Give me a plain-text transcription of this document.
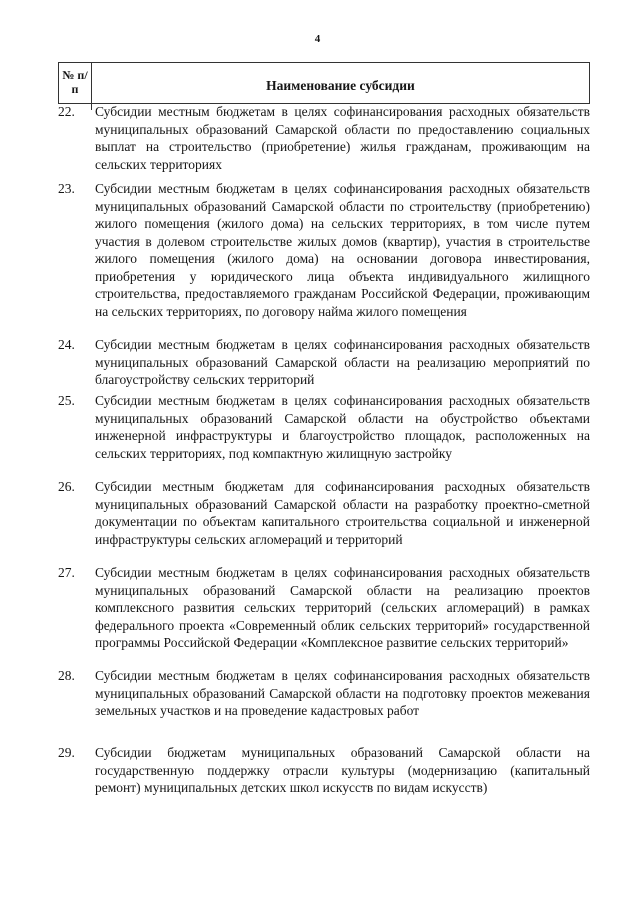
4
№ п/п	Наименование субсидии
22.	Субсидии местным бюджетам в целях софинансирования расходных обязательств муниципальных образований Самарской области по предоставлению социальных выплат на строительство (приобретение) жилья гражданам, проживающим на сельских территориях
23.	Субсидии местным бюджетам в целях софинансирования расходных обязательств муниципальных образований Самарской области по строительству (приобретению) жилого помещения (жилого дома) на сельских территориях, в том числе путем участия в долевом строительстве жилых домов (квартир), участия в строительстве жилого помещения (жилого дома) на основании договора инвестирования, приобретения у юридического лица объекта индивидуального жилищного строительства, предоставляемого гражданам Российской Федерации, проживающим на сельских территориях, по договору найма жилого помещения
24.	Субсидии местным бюджетам в целях софинансирования расходных обязательств муниципальных образований Самарской области на реализацию мероприятий по благоустройству сельских территорий
25.	Субсидии местным бюджетам в целях софинансирования расходных обязательств муниципальных образований Самарской области на обустройство объектами инженерной инфраструктуры и благоустройство площадок, расположенных на сельских территориях, под компактную жилищную застройку
26.	Субсидии местным бюджетам для софинансирования расходных обязательств муниципальных образований Самарской области на разработку проектно-сметной документации по объектам капитального строительства социальной и инженерной инфраструктуры сельских агломераций и территорий
27.	Субсидии местным бюджетам в целях софинансирования расходных обязательств муниципальных образований Самарской области на реализацию проектов комплексного развития сельских территорий (сельских агломераций) в рамках федерального проекта «Современный облик сельских территорий» государственной программы Российской Федерации «Комплексное развитие сельских территорий»
28.	Субсидии местным бюджетам в целях софинансирования расходных обязательств муниципальных образований Самарской области на подготовку проектов межевания земельных участков и на проведение кадастровых работ
29.	Субсидии бюджетам муниципальных образований Самарской области на государственную поддержку отрасли культуры (модернизацию (капитальный ремонт) муниципальных детских школ искусств по видам искусств)
